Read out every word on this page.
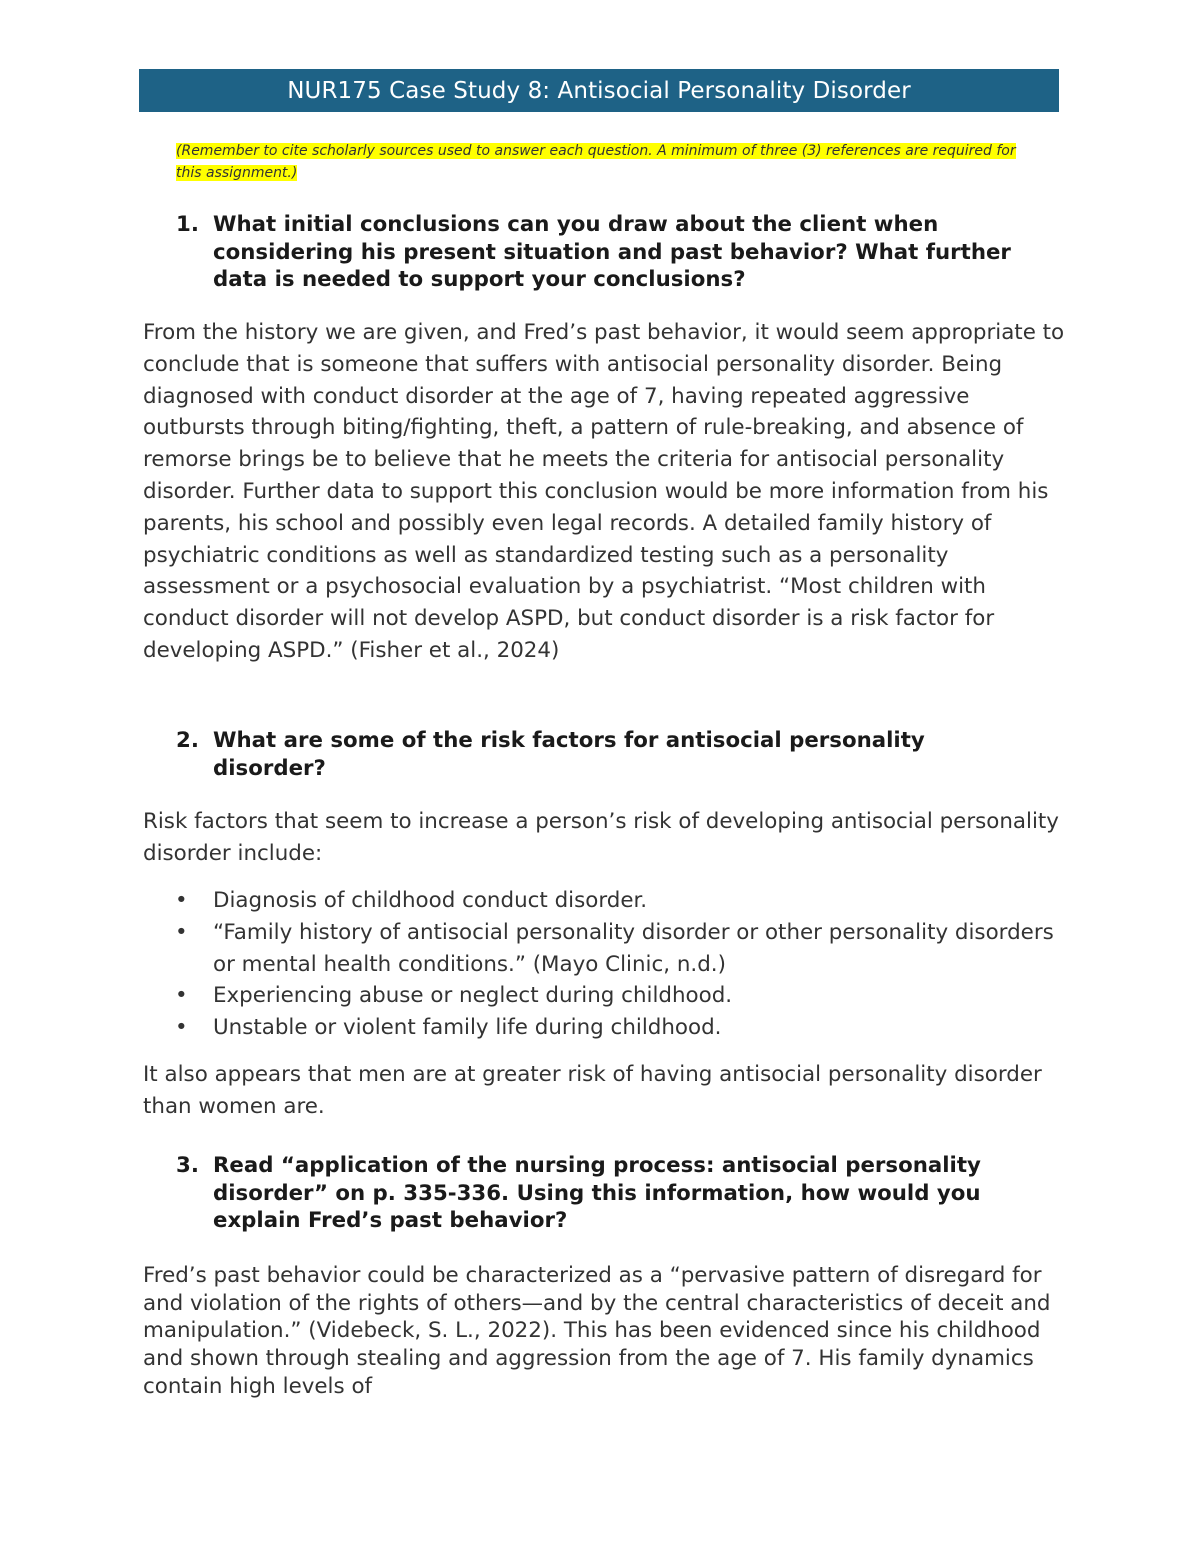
NUR175 Case Study 8: Antisocial Personality Disorder
(Remember to cite scholarly sources used to answer each question. A minimum of three (3) references are required for this assignment.)
1. What initial conclusions can you draw about the client when considering his present situation and past behavior? What further data is needed to support your conclusions?

From the history we are given, and Fred’s past behavior, it would seem appropriate to conclude that is someone that suffers with antisocial personality disorder. Being diagnosed with conduct disorder at the age of 7, having repeated aggressive outbursts through biting/fighting, theft, a pattern of rule-breaking, and absence of remorse brings be to believe that he meets the criteria for antisocial personality disorder. Further data to support this conclusion would be more information from his parents, his school and possibly even legal records. A detailed family history of psychiatric conditions as well as standardized testing such as a personality assessment or a psychosocial evaluation by a psychiatrist. “Most children with conduct disorder will not develop ASPD, but conduct disorder is a risk factor for developing ASPD.” (Fisher et al., 2024)

2. What are some of the risk factors for antisocial personality disorder?

Risk factors that seem to increase a person’s risk of developing antisocial personality disorder include:

• Diagnosis of childhood conduct disorder.
• “Family history of antisocial personality disorder or other personality disorders or mental health conditions.” (Mayo Clinic, n.d.)
• Experiencing abuse or neglect during childhood.
• Unstable or violent family life during childhood.

It also appears that men are at greater risk of having antisocial personality disorder than women are.

3. Read “application of the nursing process: antisocial personality disorder” on p. 335-336. Using this information, how would you explain Fred’s past behavior?

Fred’s past behavior could be characterized as a “pervasive pattern of disregard for and violation of the rights of others—and by the central characteristics of deceit and manipulation.” (Videbeck, S. L., 2022). This has been evidenced since his childhood and shown through stealing and aggression from the age of 7. His family dynamics contain high levels of
